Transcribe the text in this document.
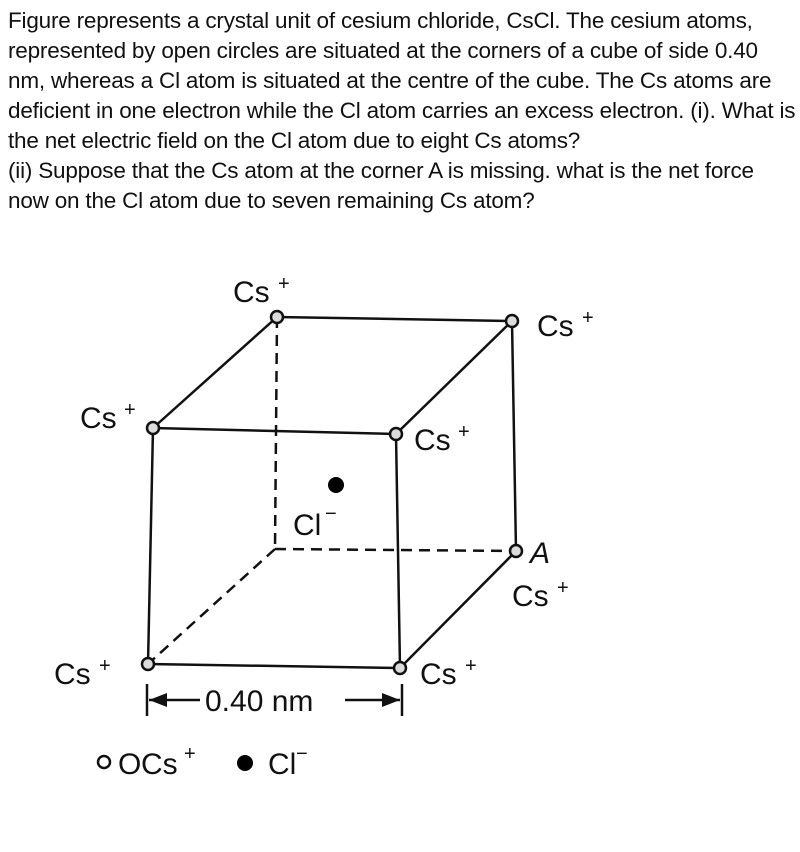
Figure represents a crystal unit of cesium chloride, CsCl. The cesium atoms, represented by open circles are situated at the corners of a cube of side 0.40 nm, whereas a Cl atom is situated at the centre of the cube. The Cs atoms are deficient in one electron while the Cl atom carries an excess electron. (i). What is the net electric field on the Cl atom due to eight Cs atoms?

(ii) Suppose that the Cs atom at the corner A is missing. what is the net force now on the Cl atom due to seven remaining Cs atom?

Cs +
Cs +
Cs +
Cs +
Cl −
A
Cs +
Cs +	Cs +
0.40 nm
O Cs + Cl −
